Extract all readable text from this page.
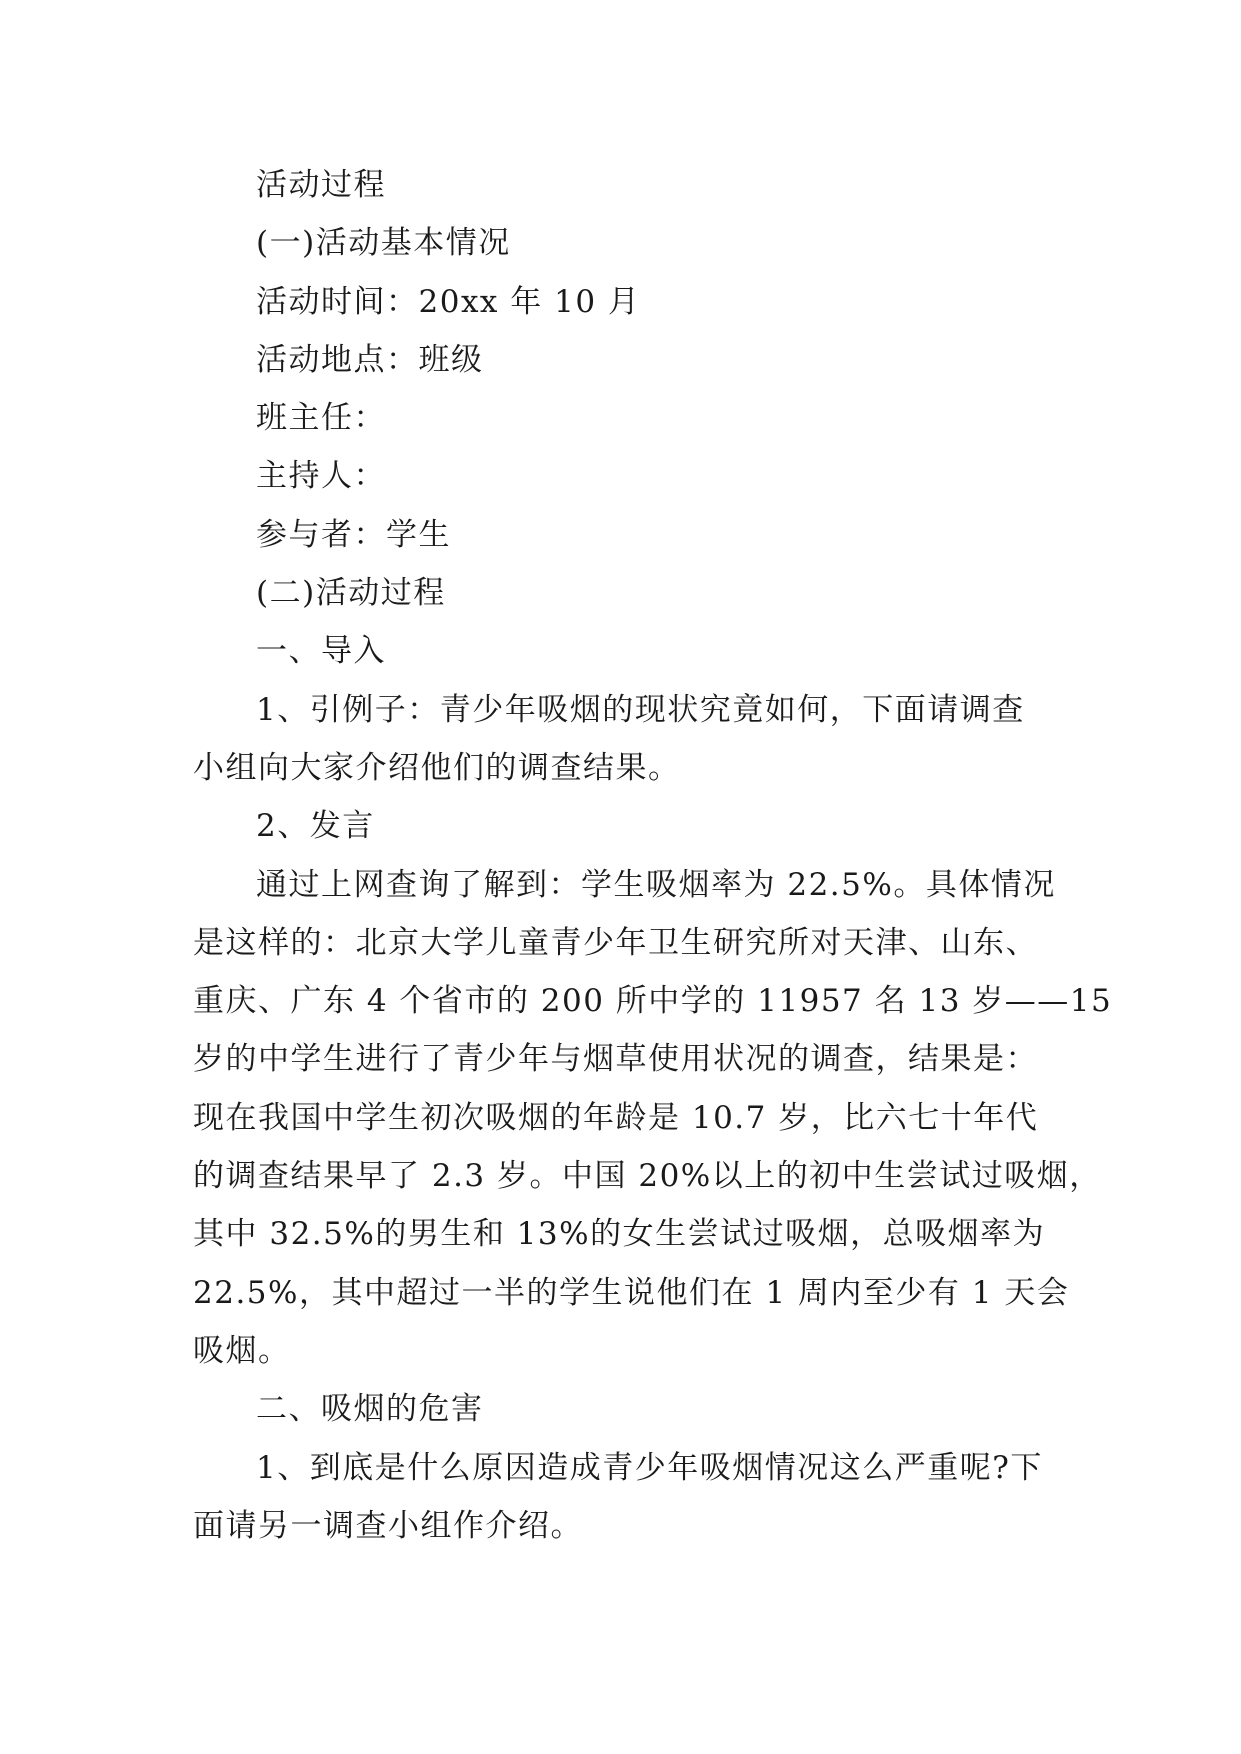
活动过程
(一)活动基本情况
活动时间：20xx 年 10 月
活动地点：班级
班主任：
主持人：
参与者：学生
(二)活动过程
一、导入
1、引例子：青少年吸烟的现状究竟如何，下面请调查
小组向大家介绍他们的调查结果。
2、发言
通过上网查询了解到：学生吸烟率为 22.5%。具体情况
是这样的：北京大学儿童青少年卫生研究所对天津、山东、
重庆、广东 4 个省市的 200 所中学的 11957 名 13 岁——15
岁的中学生进行了青少年与烟草使用状况的调查，结果是：
现在我国中学生初次吸烟的年龄是 10.7 岁，比六七十年代
的调查结果早了 2.3 岁。中国 20%以上的初中生尝试过吸烟，
其中 32.5%的男生和 13%的女生尝试过吸烟，总吸烟率为
22.5%，其中超过一半的学生说他们在 1 周内至少有 1 天会
吸烟。
二、吸烟的危害
1、到底是什么原因造成青少年吸烟情况这么严重呢?下
面请另一调查小组作介绍。
